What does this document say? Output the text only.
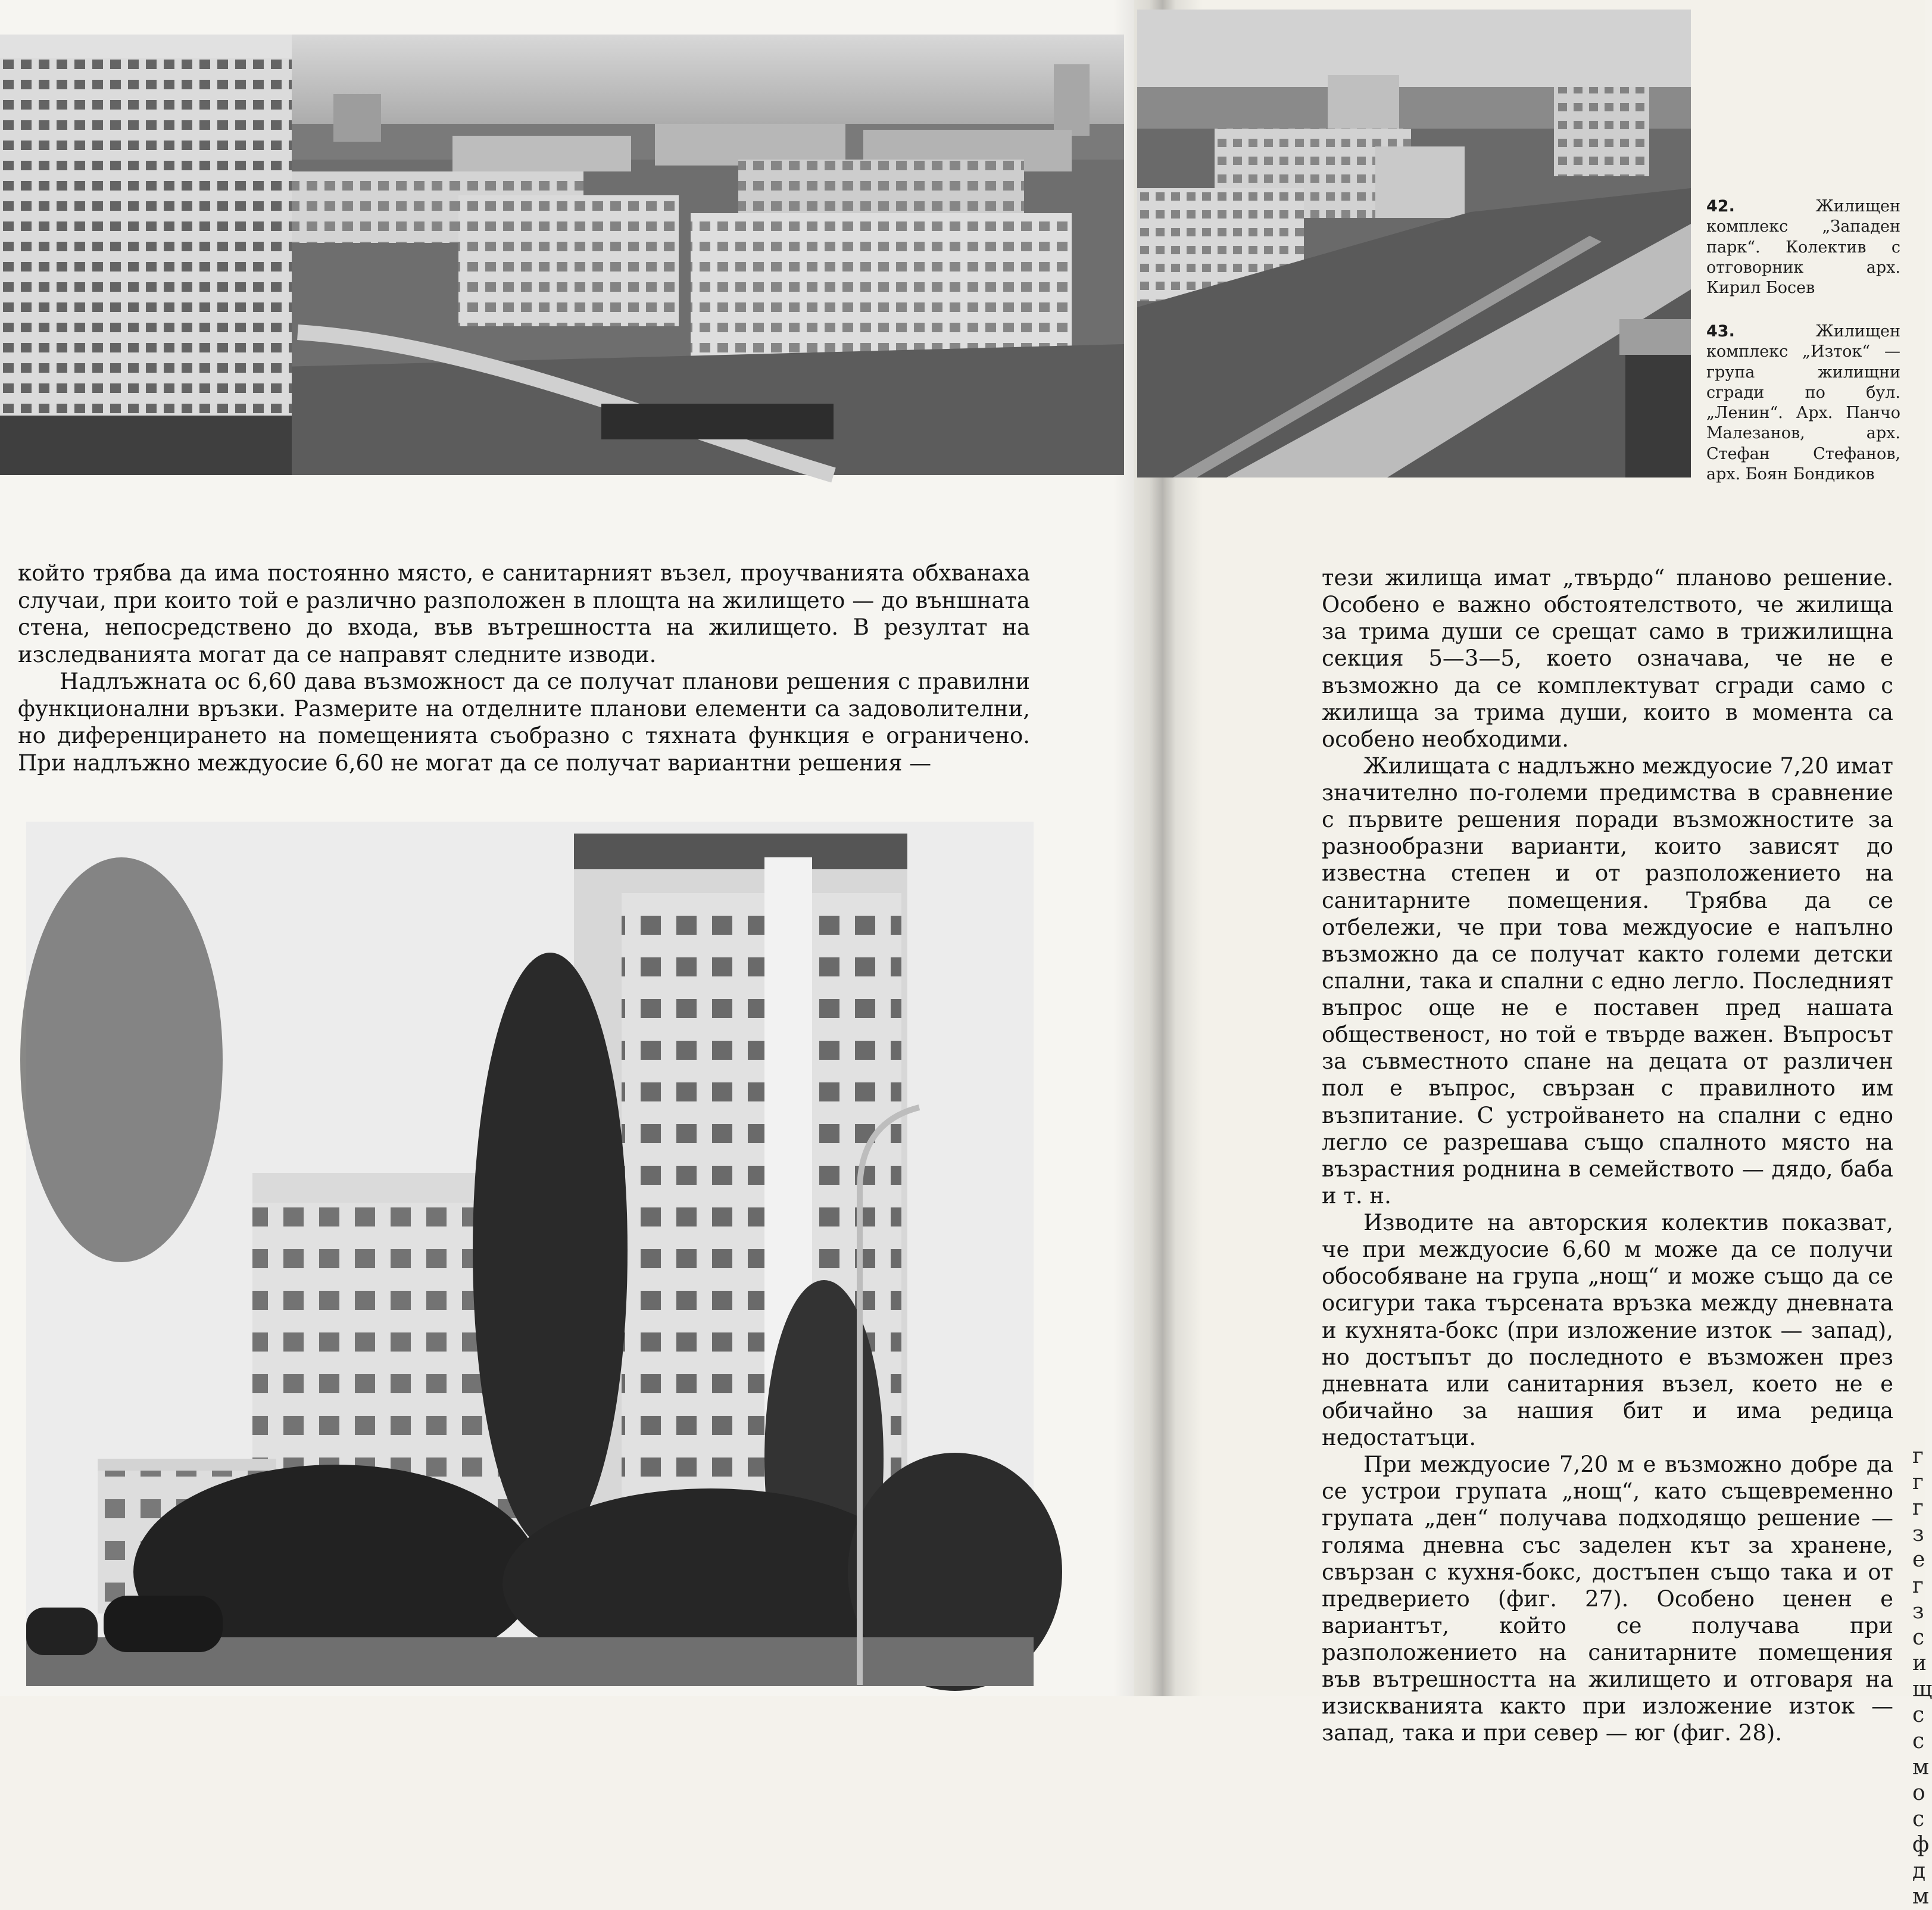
42.	Жилищен комплекс „Западен парк“. Колектив с отговорник арх. Кирил Босев

43.	Жилищен комплекс „Изток“ — група жилищни сгради по бул. „Ленин“. Арх. Панчо Малезанов, арх. Стефан Стефанов, арх. Боян Бондиков

който трябва да има постоянно място, е санитарният възел, проучванията обхванаха случаи, при които той е различно разположен в площта на жилището — до външната стена, непосредствено до входа, във вътрешността на жилището. В резултат на изследванията могат да се направят следните изводи.

Надлъжната ос 6,60 дава възможност да се получат планови решения с правилни функционални връзки. Размерите на отделните планови елементи са задоволителни, но диференцирането на помещенията съобразно с тяхната функция е ограничено. При надлъжно междуосие 6,60 не могат да се получат вариантни решения —

тези жилища имат „твърдо“ планово решение. Особено е важно обстоятелството, че жилища за трима души се срещат само в трижилищна секция 5—3—5, което означава, че не е възможно да се комплектуват сгради само с жилища за трима души, които в момента са особено необходими.

Жилищата с надлъжно междуосие 7,20 имат значително по-големи предимства в сравнение с първите решения поради възможностите за разнообразни варианти, които зависят до известна степен и от разположението на санитарните помещения. Трябва да се отбележи, че при това междуосие е напълно възможно да се получат както големи детски спални, така и спални с едно легло. Последният въпрос още не е поставен пред нашата общественост, но той е твърде важен. Въпросът за съвместното спане на децата от различен пол е въпрос, свързан с правилното им възпитание. С устройването на спални с едно легло се разрешава също спалното място на възрастния роднина в семейството — дядо, баба и т. н.

Изводите на авторския колектив показват, че при междуосие 6,60 м може да се получи обособяване на група „нощ“ и може също да се осигури така търсената връзка между дневната и кухнята-бокс (при изложение изток — запад), но достъпът до последното е възможен през дневната или санитарния възел, което не е обичайно за нашия бит и има редица недостатъци.

При междуосие 7,20 м е възможно добре да се устрои групата „нощ“, като същевременно групата „ден“ получава подходящо решение — голяма дневна със заделен кът за хранене, свързан с кухня-бокс, достъпен също така и от предверието (фиг. 27). Особено ценен е вариантът, който се получава при разположението на санитарните помещения във вътрешността на жилището и отговаря на изискванията както при изложение изток — запад, така и при север — юг (фиг. 28).

г
г
г
з
е
г
з
с
и
щ
с
с
м
о
с
ф
д
м
